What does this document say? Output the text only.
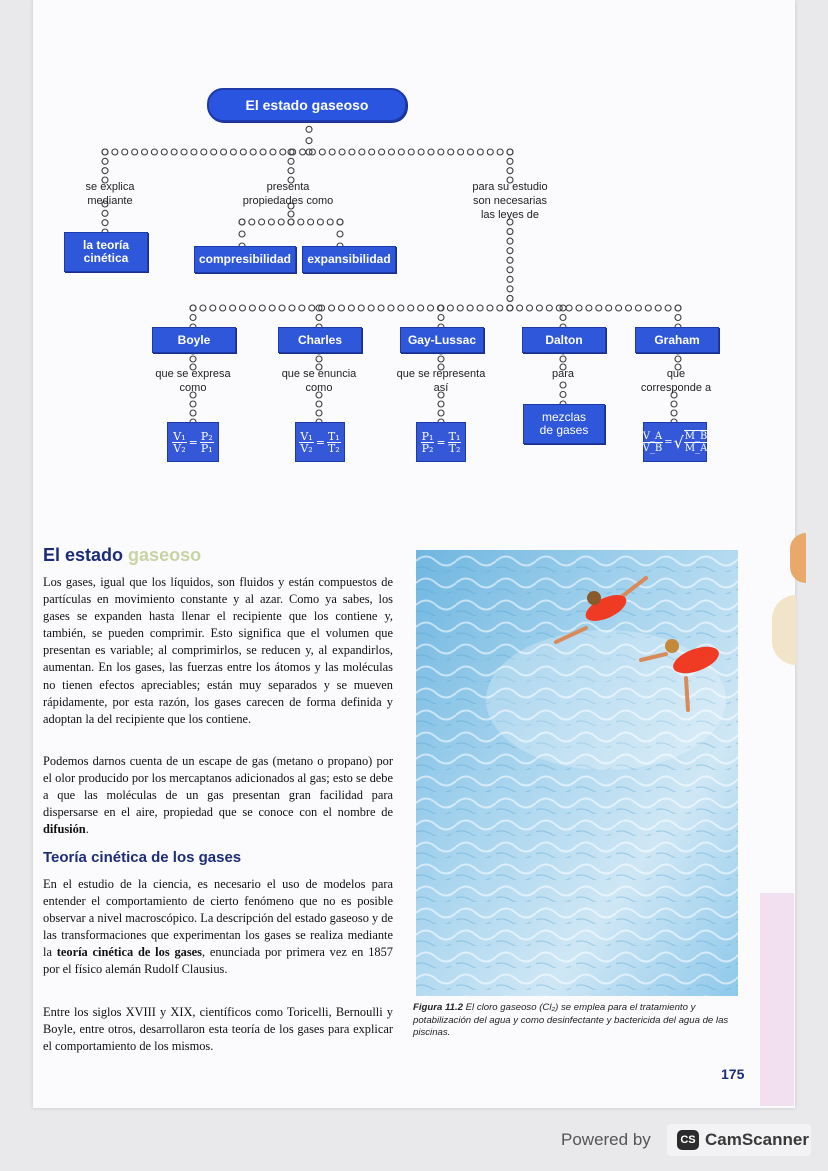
El estado gaseoso
se explica
mediante
presenta
propiedades como
para su estudio
son necesarias
las leyes de
la teoría
cinética	compresibilidad	expansibilidad
Boyle	Charles	Gay-Lussac	Dalton	Graham
que se expresa
como
que se enuncia
como
que se representa
así
para	que
corresponde a
$\frac{\text{V₁}}{\text{V₂}} = \frac{\text{P₂}}{\text{P₁}}$	$\frac{\text{V₁}}{\text{V₂}} = \frac{\text{T₁}}{\text{T₂}}$	$\frac{\text{P₁}}{\text{P₂}} = \frac{\text{T₁}}{\text{T₂}}$
mezclas
de gases
$\frac{V\_A}{V\_B}$ = √ $\frac{M\_B}{M\_A}$
El estado gaseoso
Los gases, igual que los líquidos, son fluidos y están compuestos de partículas en movimiento constante y al azar. Como ya sabes, los gases se expanden hasta llenar el recipiente que los contiene y, también, se pueden comprimir. Esto significa que el volumen que presentan es variable; al comprimirlos, se reducen y, al expandirlos, aumentan. En los gases, las fuerzas entre los átomos y las moléculas no tienen efectos apreciables; están muy separados y se mueven rápidamente, por esta razón, los gases carecen de forma definida y adoptan la del recipiente que los contiene.
Podemos darnos cuenta de un escape de gas (metano o propano) por el olor producido por los mercaptanos adicionados al gas; esto se debe a que las moléculas de un gas presentan gran facilidad para dispersarse en el aire, propiedad que se conoce con el nombre de difusión.
Teoría cinética de los gases
En el estudio de la ciencia, es necesario el uso de modelos para entender el comportamiento de cierto fenómeno que no es posible observar a nivel macroscópico. La descripción del estado gaseoso y de las transformaciones que experimentan los gases se realiza mediante la teoría cinética de los gases, enunciada por primera vez en 1857 por el físico alemán Rudolf Clausius.
Entre los siglos XVIII y XIX, científicos como Toricelli, Bernoulli y Boyle, entre otros, desarrollaron esta teoría de los gases para explicar el comportamiento de los mismos.
Figura 11.2 El cloro gaseoso (Cl₂) se emplea para el tratamiento y potabilización del agua y como desinfectante y bactericida del agua de las piscinas.
175
Powered by	CS CamScanner
